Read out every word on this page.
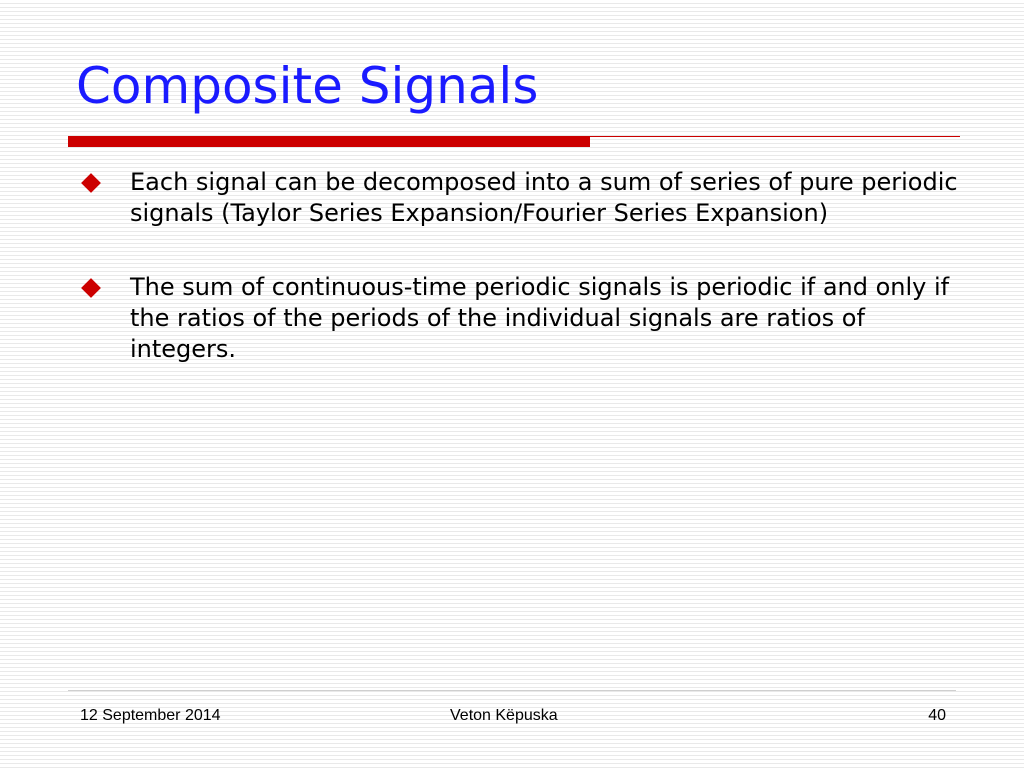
Composite Signals
Each signal can be decomposed into a sum of series of pure periodic signals (Taylor Series Expansion/Fourier Series Expansion)
The sum of continuous-time periodic signals is periodic if and only if the ratios of the periods of the individual signals are ratios of integers.
12 September 2014	Veton Këpuska	40
